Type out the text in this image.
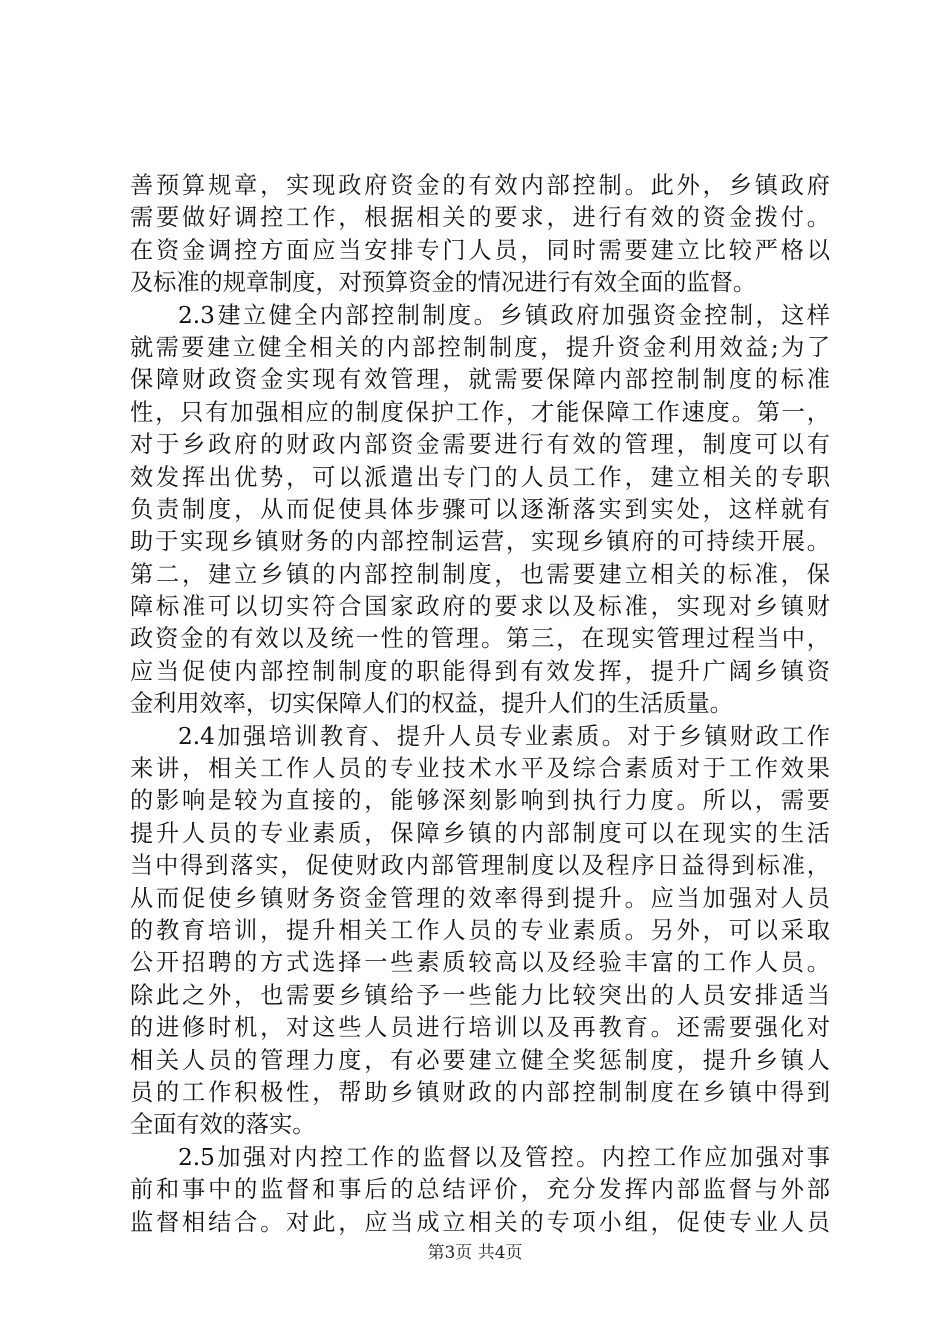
善预算规章，实现政府资金的有效内部控制。此外，乡镇政府
需要做好调控工作，根据相关的要求，进行有效的资金拨付。
在资金调控方面应当安排专门人员，同时需要建立比较严格以
及标准的规章制度，对预算资金的情况进行有效全面的监督。
2.3建立健全内部控制制度。乡镇政府加强资金控制，这样
就需要建立健全相关的内部控制制度，提升资金利用效益;为了
保障财政资金实现有效管理，就需要保障内部控制制度的标准
性，只有加强相应的制度保护工作，才能保障工作速度。第一，
对于乡政府的财政内部资金需要进行有效的管理，制度可以有
效发挥出优势，可以派遣出专门的人员工作，建立相关的专职
负责制度，从而促使具体步骤可以逐渐落实到实处，这样就有
助于实现乡镇财务的内部控制运营，实现乡镇府的可持续开展。
第二，建立乡镇的内部控制制度，也需要建立相关的标准，保
障标准可以切实符合国家政府的要求以及标准，实现对乡镇财
政资金的有效以及统一性的管理。第三，在现实管理过程当中，
应当促使内部控制制度的职能得到有效发挥，提升广阔乡镇资
金利用效率，切实保障人们的权益，提升人们的生活质量。
2.4加强培训教育、提升人员专业素质。对于乡镇财政工作
来讲，相关工作人员的专业技术水平及综合素质对于工作效果
的影响是较为直接的，能够深刻影响到执行力度。所以，需要
提升人员的专业素质，保障乡镇的内部制度可以在现实的生活
当中得到落实，促使财政内部管理制度以及程序日益得到标准，
从而促使乡镇财务资金管理的效率得到提升。应当加强对人员
的教育培训，提升相关工作人员的专业素质。另外，可以采取
公开招聘的方式选择一些素质较高以及经验丰富的工作人员。
除此之外，也需要乡镇给予一些能力比较突出的人员安排适当
的进修时机，对这些人员进行培训以及再教育。还需要强化对
相关人员的管理力度，有必要建立健全奖惩制度，提升乡镇人
员的工作积极性，帮助乡镇财政的内部控制制度在乡镇中得到
全面有效的落实。
2.5加强对内控工作的监督以及管控。内控工作应加强对事
前和事中的监督和事后的总结评价，充分发挥内部监督与外部
监督相结合。对此，应当成立相关的专项小组，促使专业人员
第3页 共4页
